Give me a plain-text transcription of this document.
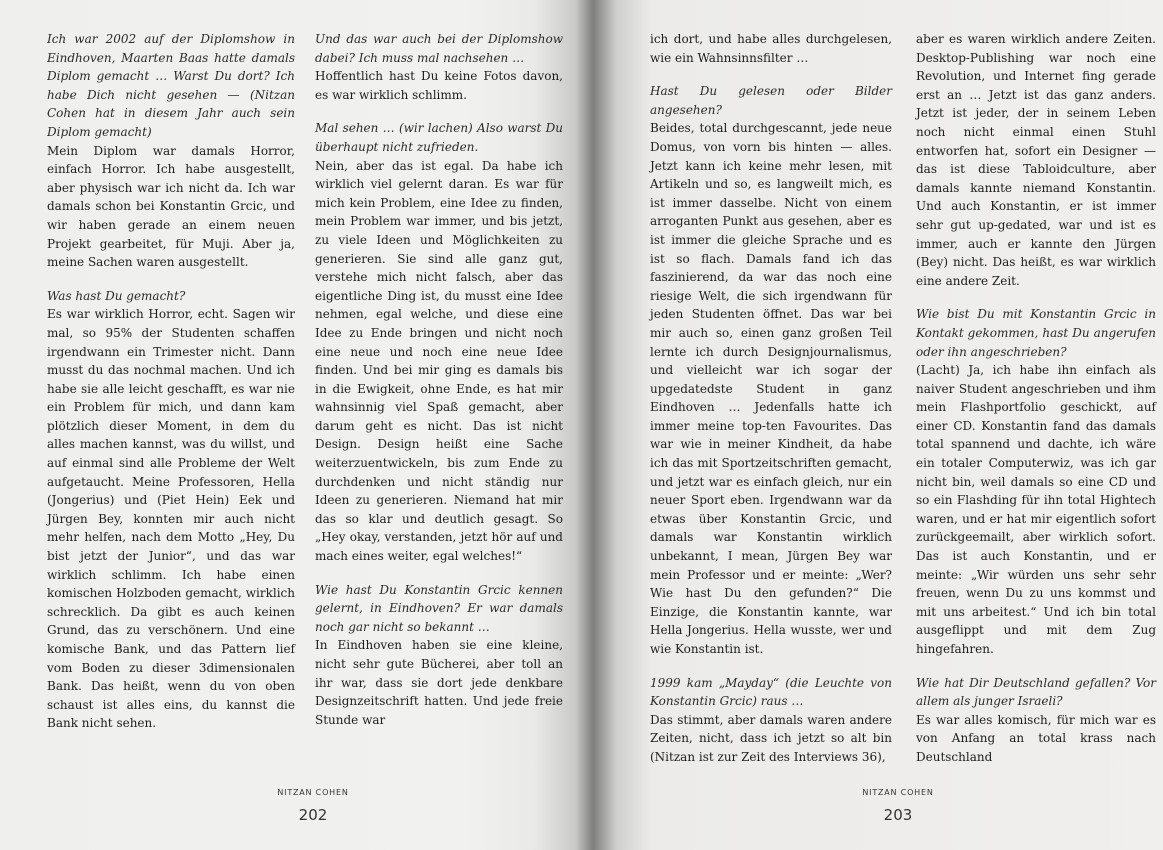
Ich war 2002 auf der Diplomshow in Eindhoven, Maarten Baas hatte damals Diplom gemacht … Warst Du dort? Ich habe Dich nicht gesehen — (Nitzan Cohen hat in diesem Jahr auch sein Diplom gemacht)

Mein Diplom war damals Horror, einfach Horror. Ich habe ausgestellt, aber physisch war ich nicht da. Ich war damals schon bei Konstantin Grcic, und wir haben gerade an einem neuen Projekt gearbeitet, für Muji. Aber ja, meine Sachen waren ausgestellt.

Was hast Du gemacht?

Es war wirklich Horror, echt. Sagen wir mal, so 95% der Studenten schaffen irgendwann ein Trimester nicht. Dann musst du das nochmal machen. Und ich habe sie alle leicht geschafft, es war nie ein Problem für mich, und dann kam plötzlich dieser Moment, in dem du alles machen kannst, was du willst, und auf einmal sind alle Probleme der Welt aufgetaucht. Meine Professoren, Hella (Jongerius) und (Piet Hein) Eek und Jürgen Bey, konnten mir auch nicht mehr helfen, nach dem Motto „Hey, Du bist jetzt der Junior“, und das war wirklich schlimm. Ich habe einen komischen Holzboden gemacht, wirklich schrecklich. Da gibt es auch keinen Grund, das zu verschönern. Und eine komische Bank, und das Pattern lief vom Boden zu dieser 3dimensionalen Bank. Das heißt, wenn du von oben schaust ist alles eins, du kannst die Bank nicht sehen.

Und das war auch bei der Diplomshow dabei? Ich muss mal nachsehen …

Hoffentlich hast Du keine Fotos davon, es war wirklich schlimm.

Mal sehen … (wir lachen) Also warst Du überhaupt nicht zufrieden.

Nein, aber das ist egal. Da habe ich wirklich viel gelernt daran. Es war für mich kein Problem, eine Idee zu finden, mein Problem war immer, und bis jetzt, zu viele Ideen und Möglichkeiten zu generieren. Sie sind alle ganz gut, verstehe mich nicht falsch, aber das eigentliche Ding ist, du musst eine Idee nehmen, egal welche, und diese eine Idee zu Ende bringen und nicht noch eine neue und noch eine neue Idee finden. Und bei mir ging es damals bis in die Ewigkeit, ohne Ende, es hat mir wahnsinnig viel Spaß gemacht, aber darum geht es nicht. Das ist nicht Design. Design heißt eine Sache weiterzuentwickeln, bis zum Ende zu durchdenken und nicht ständig nur Ideen zu generieren. Niemand hat mir das so klar und deutlich gesagt. So „Hey okay, verstanden, jetzt hör auf und mach eines weiter, egal welches!“

Wie hast Du Konstantin Grcic kennen gelernt, in Eindhoven? Er war damals noch gar nicht so bekannt …

In Eindhoven haben sie eine kleine, nicht sehr gute Bücherei, aber toll an ihr war, dass sie dort jede denkbare Designzeitschrift hatten. Und jede freie Stunde war

NITZAN COHEN
202

ich dort, und habe alles durchgelesen, wie ein Wahnsinnsfilter …

Hast Du gelesen oder Bilder angesehen?

Beides, total durchgescannt, jede neue Domus, von vorn bis hinten — alles. Jetzt kann ich keine mehr lesen, mit Artikeln und so, es langweilt mich, es ist immer dasselbe. Nicht von einem arroganten Punkt aus gesehen, aber es ist immer die gleiche Sprache und es ist so flach. Damals fand ich das faszinierend, da war das noch eine riesige Welt, die sich irgendwann für jeden Studenten öffnet. Das war bei mir auch so, einen ganz großen Teil lernte ich durch Designjournalismus, und vielleicht war ich sogar der upgedatedste Student in ganz Eindhoven … Jedenfalls hatte ich immer meine top-ten Favourites. Das war wie in meiner Kindheit, da habe ich das mit Sportzeitschriften gemacht, und jetzt war es einfach gleich, nur ein neuer Sport eben. Irgendwann war da etwas über Konstantin Grcic, und damals war Konstantin wirklich unbekannt, I mean, Jürgen Bey war mein Professor und er meinte: „Wer? Wie hast Du den gefunden?“ Die Einzige, die Konstantin kannte, war Hella Jongerius. Hella wusste, wer und wie Konstantin ist.

1999 kam „Mayday“ (die Leuchte von Konstantin Grcic) raus …

Das stimmt, aber damals waren andere Zeiten, nicht, dass ich jetzt so alt bin (Nitzan ist zur Zeit des Interviews 36),

aber es waren wirklich andere Zeiten. Desktop-Publishing war noch eine Revolution, und Internet fing gerade erst an … Jetzt ist das ganz anders. Jetzt ist jeder, der in seinem Leben noch nicht einmal einen Stuhl entworfen hat, sofort ein Designer — das ist diese Tabloidculture, aber damals kannte niemand Konstantin. Und auch Konstantin, er ist immer sehr gut up-gedated, war und ist es immer, auch er kannte den Jürgen (Bey) nicht. Das heißt, es war wirklich eine andere Zeit.

Wie bist Du mit Konstantin Grcic in Kontakt gekommen, hast Du angerufen oder ihn angeschrieben?

(Lacht) Ja, ich habe ihn einfach als naiver Student angeschrieben und ihm mein Flashportfolio geschickt, auf einer CD. Konstantin fand das damals total spannend und dachte, ich wäre ein totaler Computerwiz, was ich gar nicht bin, weil damals so eine CD und so ein Flashding für ihn total Hightech waren, und er hat mir eigentlich sofort zurückgeemailt, aber wirklich sofort. Das ist auch Konstantin, und er meinte: „Wir würden uns sehr sehr freuen, wenn Du zu uns kommst und mit uns arbeitest.“ Und ich bin total ausgeflippt und mit dem Zug hingefahren.

Wie hat Dir Deutschland gefallen? Vor allem als junger Israeli?

Es war alles komisch, für mich war es von Anfang an total krass nach Deutschland

NITZAN COHEN
203
